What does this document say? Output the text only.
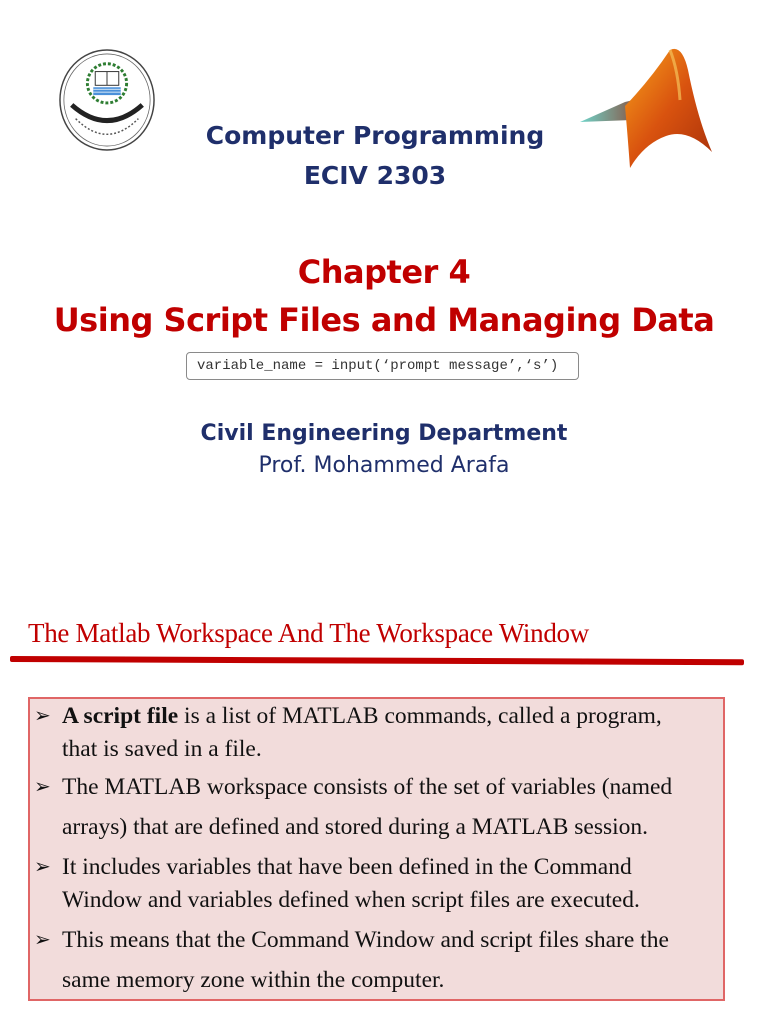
Computer Programming
ECIV 2303
Chapter 4
Using Script Files and Managing Data
variable_name = input(‘prompt message’,‘s’)
Civil Engineering Department
Prof. Mohammed Arafa
The Matlab Workspace And The Workspace Window
➢ A script file is a list of MATLAB commands, called a program,
that is saved in a file.
➢ The MATLAB workspace consists of the set of variables (named
arrays) that are defined and stored during a MATLAB session.
➢ It includes variables that have been defined in the Command
Window and variables defined when script files are executed.
➢ This means that the Command Window and script files share the
same memory zone within the computer.
